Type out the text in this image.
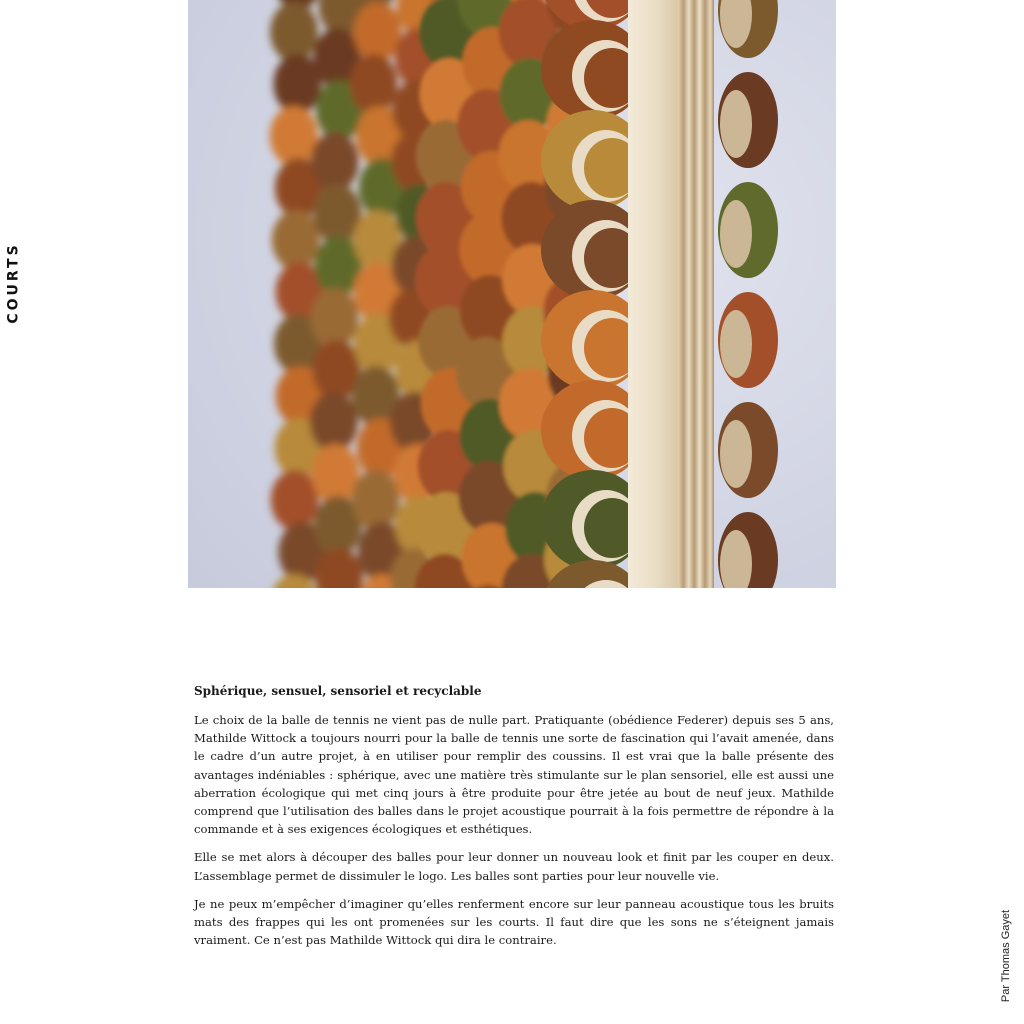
COURTS
Sphérique, sensuel, sensoriel et recyclable

Le choix de la balle de tennis ne vient pas de nulle part. Pratiquante (obédience Federer) depuis ses 5 ans, Mathilde Wittock a toujours nourri pour la balle de tennis une sorte de fascination qui l’avait amenée, dans le cadre d’un autre projet, à en utiliser pour remplir des coussins. Il est vrai que la balle présente des avantages indéniables : sphérique, avec une matière très stimulante sur le plan sensoriel, elle est aussi une aberration écologique qui met cinq jours à être produite pour être jetée au bout de neuf jeux. Mathilde comprend que l’utilisation des balles dans le projet acoustique pourrait à la fois permettre de répondre à la commande et à ses exigences écologiques et esthétiques.

Elle se met alors à découper des balles pour leur donner un nouveau look et finit par les couper en deux. L’assemblage permet de dissimuler le logo. Les balles sont parties pour leur nouvelle vie.

Je ne peux m’empêcher d’imaginer qu’elles renferment encore sur leur panneau acoustique tous les bruits mats des frappes qui les ont promenées sur les courts. Il faut dire que les sons ne s’éteignent jamais vraiment. Ce n’est pas Mathilde Wittock qui dira le contraire.	Par Thomas Gayet
